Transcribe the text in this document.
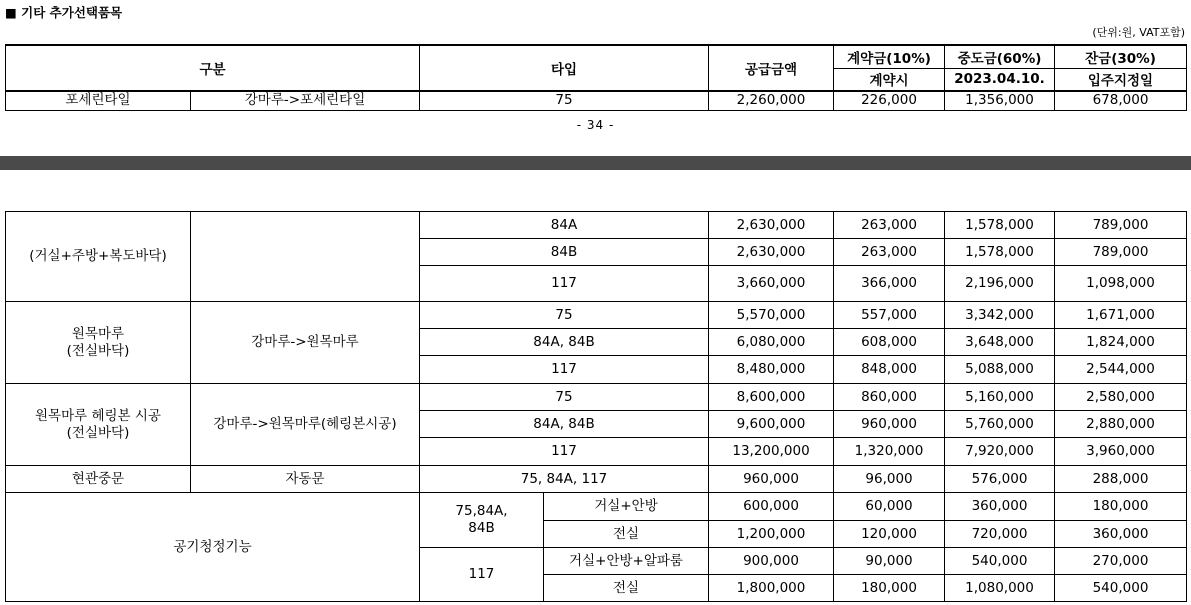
■ 기타 추가선택품목
(단위:원, VAT포함)
구분		타입	공급금액	계약금(10%)	중도금(60%)	잔금(30%)
				계약시	2023.04.10.	입주지정일
포세린타일	강마루->포세린타일	75	2,260,000	226,000	1,356,000	678,000
- 34 -
(거실+주방+복도바닥)		84A		2,630,000	263,000	1,578,000	789,000
		84B		2,630,000	263,000	1,578,000	789,000
		117		3,660,000	366,000	2,196,000	1,098,000

원목마루
(전실바닥)	강마루->원목마루	75		5,570,000	557,000	3,342,000	1,671,000
		84A, 84B		6,080,000	608,000	3,648,000	1,824,000
		117		8,480,000	848,000	5,088,000	2,544,000

원목마루 헤링본 시공
(전실바닥)	강마루->원목마루(헤링본시공)	75		8,600,000	860,000	5,160,000	2,580,000
		84A, 84B		9,600,000	960,000	5,760,000	2,880,000
		117		13,200,000	1,320,000	7,920,000	3,960,000
현관중문	자동문	75, 84A, 117		960,000	96,000	576,000	288,000
공기청정기능		75,84A,
84B	거실+안방	600,000	60,000	360,000	180,000
			전실	1,200,000	120,000	720,000	360,000
		117	거실+안방+알파룸	900,000	90,000	540,000	270,000
			전실	1,800,000	180,000	1,080,000	540,000
